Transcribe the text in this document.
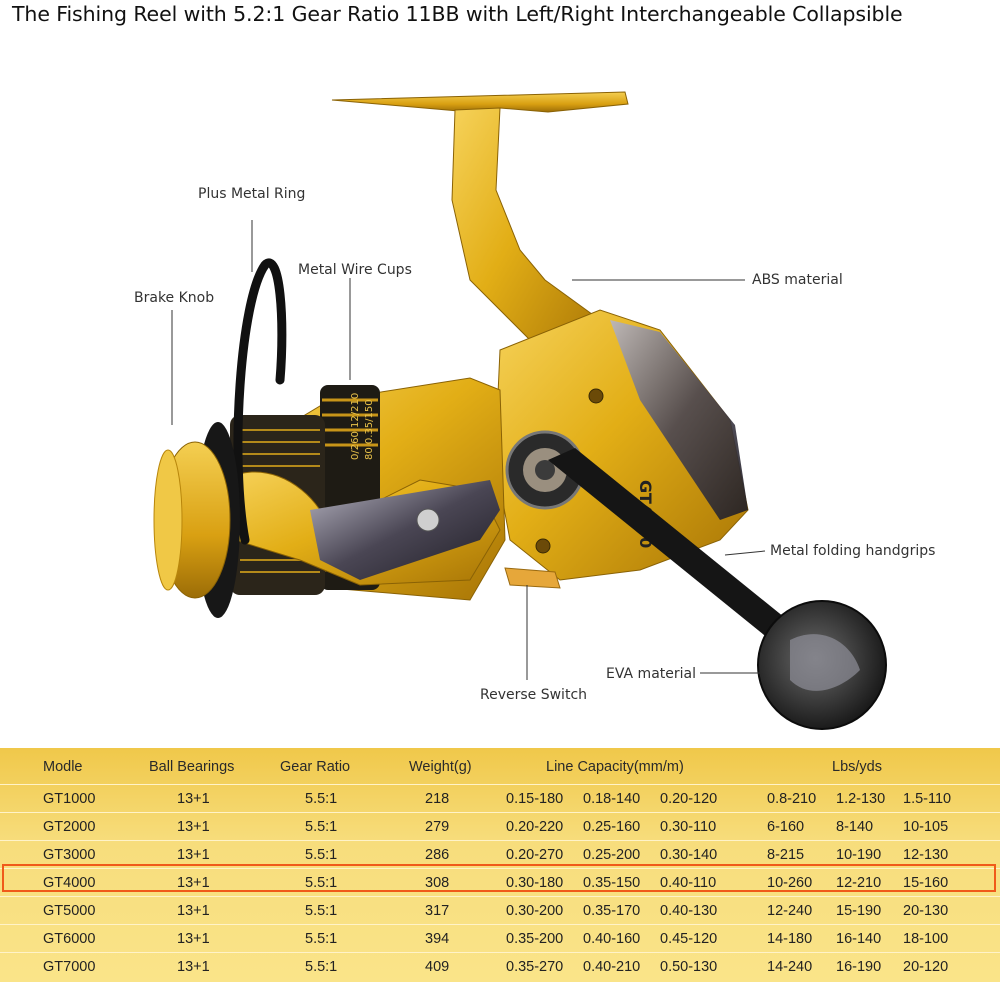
The Fishing Reel with 5.2:1 Gear Ratio 11BB with Left/Right Interchangeable Collapsible
0/260 12/210 80 0.35/150
Plus Metal Ring
Metal Wire Cups
Brake Knob
ABS material
Metal folding handgrips
EVA material
Reverse Switch
Modle	Ball Bearings	Gear Ratio	Weight(g)	Line Capacity(mm/m)	Lbs/yds
GT1000	13+1	5.5:1	218	0.15-180 0.18-140 0.20-120	0.8-210 1.2-130 1.5-110
GT2000	13+1	5.5:1	279	0.20-220 0.25-160 0.30-110	6-160 8-140 10-105
GT3000	13+1	5.5:1	286	0.20-270 0.25-200 0.30-140	8-215 10-190 12-130
GT4000	13+1	5.5:1	308	0.30-180 0.35-150 0.40-110	10-260 12-210 15-160
GT5000	13+1	5.5:1	317	0.30-200 0.35-170 0.40-130	12-240 15-190 20-130
GT6000	13+1	5.5:1	394	0.35-200 0.40-160 0.45-120	14-180 16-140 18-100
GT7000	13+1	5.5:1	409	0.35-270 0.40-210 0.50-130	14-240 16-190 20-120
